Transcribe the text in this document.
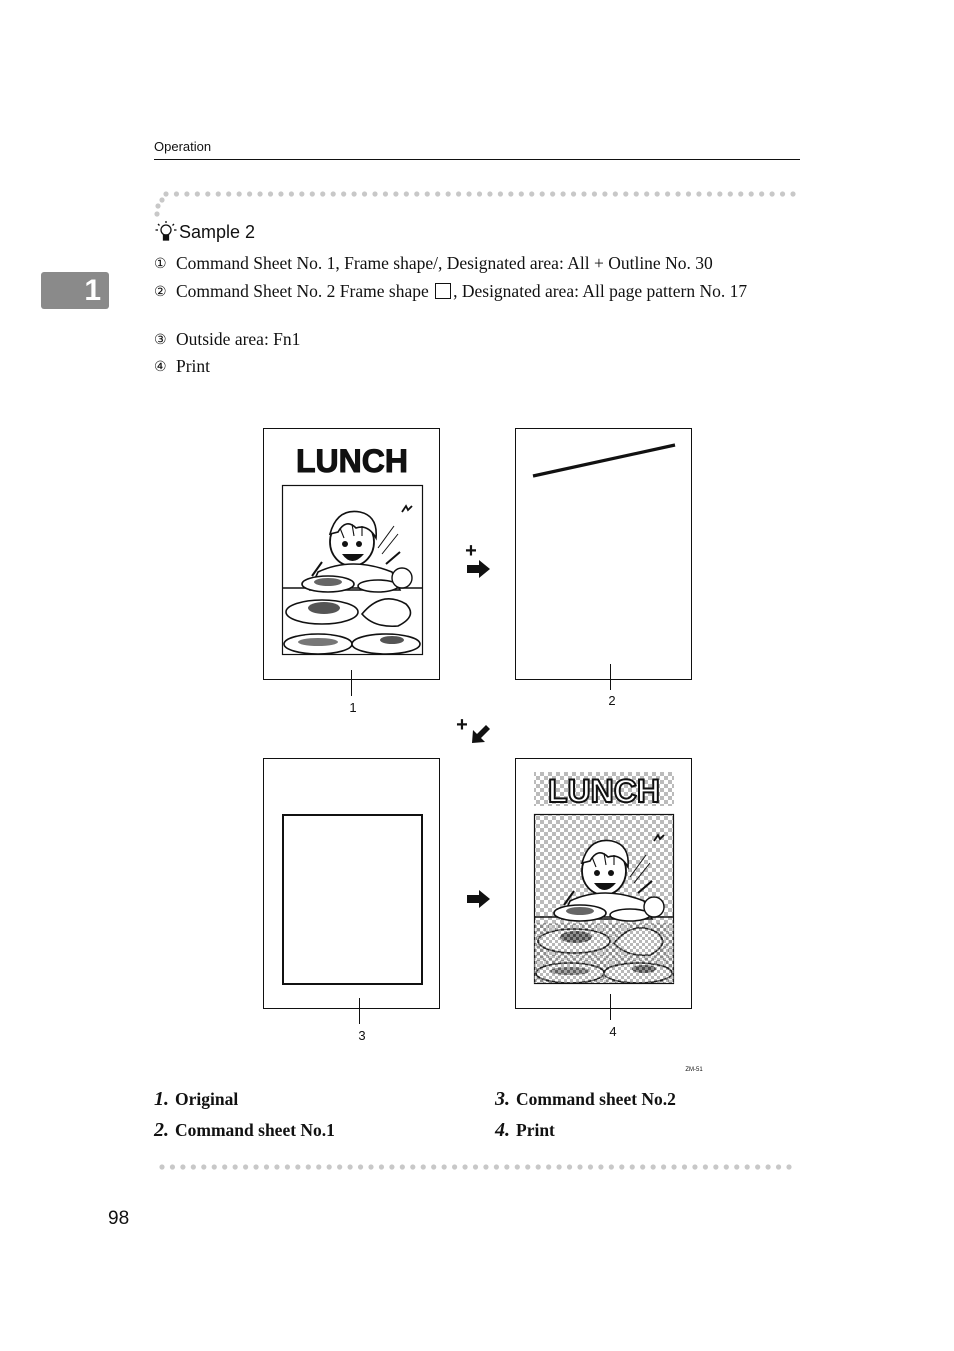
Operation
1
Sample 2
① Command Sheet No. 1, Frame shape/, Designated area: All + Outline No. 30
② Command Sheet No. 2 Frame shape , Designated area: All page pattern No. 17
③ Outside area: Fn1
④ Print
LUNCH
LUNCH
+
+
1	2
3	4
ZM-51
1. Original
2. Command sheet No.1
3. Command sheet No.2
4. Print
98
